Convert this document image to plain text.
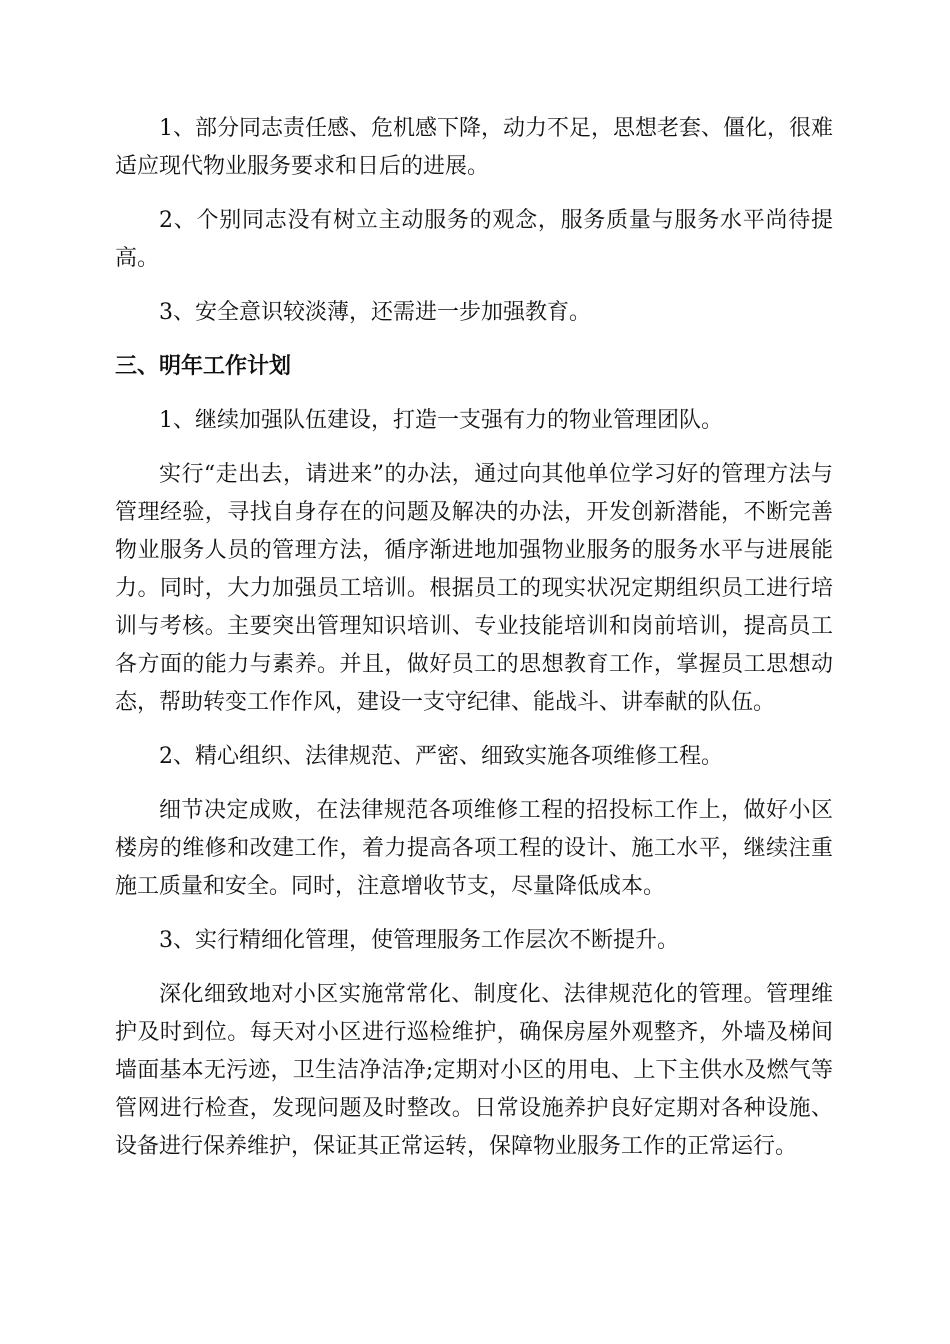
1、部分同志责任感、危机感下降，动力不足，思想老套、僵化，很难适应现代物业服务要求和日后的进展。

2、个别同志没有树立主动服务的观念，服务质量与服务水平尚待提高。

3、安全意识较淡薄，还需进一步加强教育。

三、明年工作计划

1、继续加强队伍建设，打造一支强有力的物业管理团队。

实行“走出去，请进来”的办法，通过向其他单位学习好的管理方法与管理经验，寻找自身存在的问题及解决的办法，开发创新潜能，不断完善物业服务人员的管理方法，循序渐进地加强物业服务的服务水平与进展能力。同时，大力加强员工培训。根据员工的现实状况定期组织员工进行培训与考核。主要突出管理知识培训、专业技能培训和岗前培训，提高员工各方面的能力与素养。并且，做好员工的思想教育工作，掌握员工思想动态，帮助转变工作作风，建设一支守纪律、能战斗、讲奉献的队伍。

2、精心组织、法律规范、严密、细致实施各项维修工程。

细节决定成败，在法律规范各项维修工程的招投标工作上，做好小区楼房的维修和改建工作，着力提高各项工程的设计、施工水平，继续注重施工质量和安全。同时，注意增收节支，尽量降低成本。

3、实行精细化管理，使管理服务工作层次不断提升。

深化细致地对小区实施常常化、制度化、法律规范化的管理。管理维护及时到位。每天对小区进行巡检维护，确保房屋外观整齐，外墙及梯间墙面基本无污迹，卫生洁净洁净;定期对小区的用电、上下主供水及燃气等管网进行检查，发现问题及时整改。日常设施养护良好定期对各种设施、设备进行保养维护，保证其正常运转，保障物业服务工作的正常运行。
